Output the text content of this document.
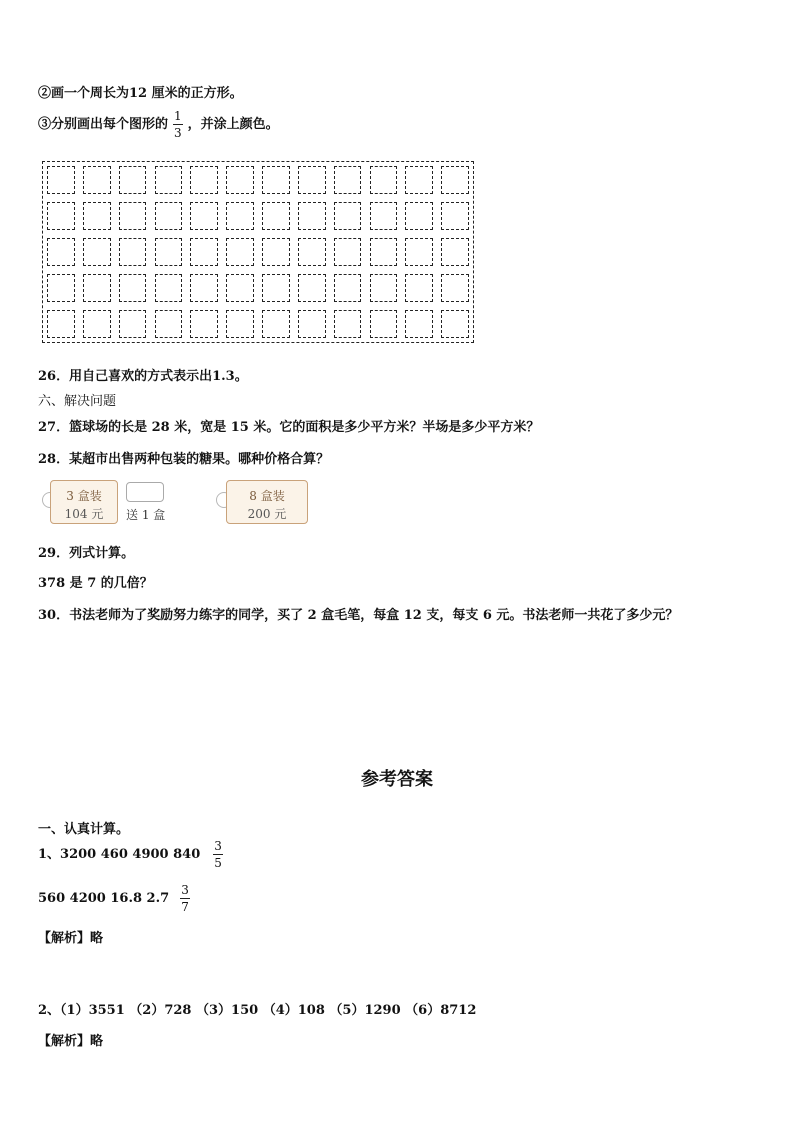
②画一个周长为12 厘米的正方形。
③分别画出每个图形的 $\frac{1}{3}$ ，并涂上颜色。
26．用自己喜欢的方式表示出1.3。
六、解决问题
27．篮球场的长是 28 米，宽是 15 米。它的面积是多少平方米？半场是多少平方米？
28．某超市出售两种包装的糖果。哪种价格合算？
3 盒装
104 元	送 1 盒
8 盒装
200 元
29．列式计算。
378 是 7 的几倍？
30．书法老师为了奖励努力练字的同学，买了 2 盒毛笔，每盒 12 支，每支 6 元。书法老师一共花了多少元？
参考答案
一、认真计算。
1、3200 460 4900 $840 \frac{3}{5}$
560 4200 16.8 $2.7 \frac{3}{7}$
【解析】略
2、（1）3551 （2）728 （3）150 （4）108 （5）1290 （6）8712
【解析】略
